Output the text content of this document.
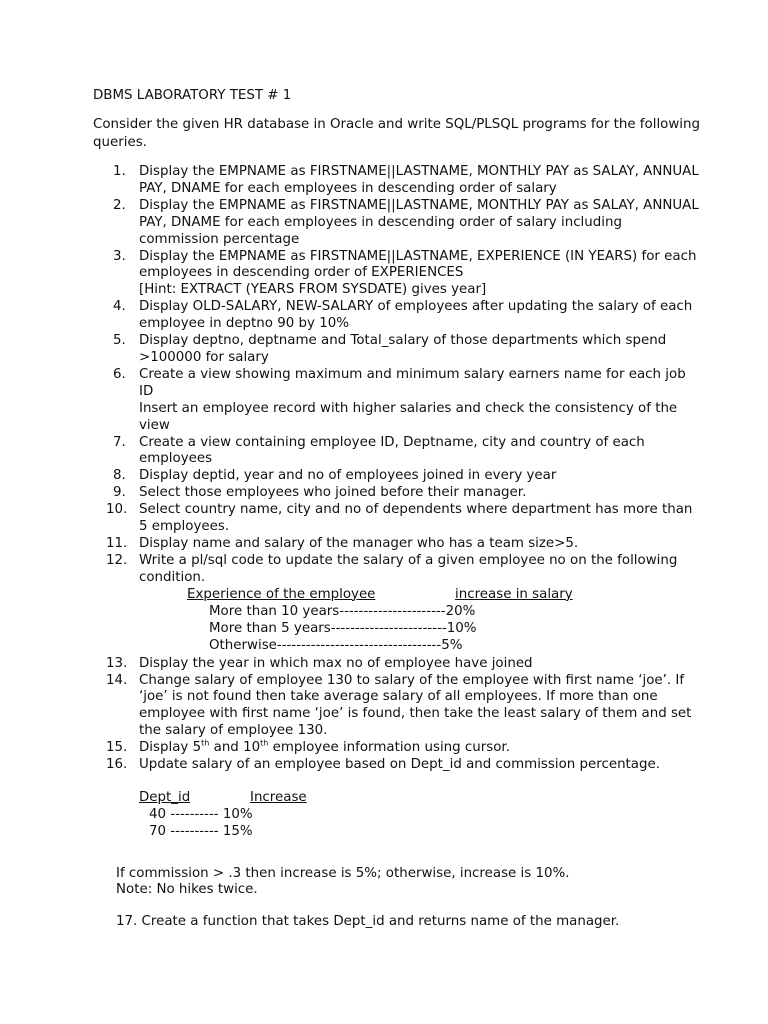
DBMS LABORATORY TEST # 1
Consider the given HR database in Oracle and write SQL/PLSQL programs for the following queries.
1. Display the EMPNAME as FIRSTNAME||LASTNAME, MONTHLY PAY as SALAY, ANNUAL PAY, DNAME for each employees in descending order of salary
2. Display the EMPNAME as FIRSTNAME||LASTNAME, MONTHLY PAY as SALAY, ANNUAL PAY, DNAME for each employees in descending order of salary including commission percentage
3. Display the EMPNAME as FIRSTNAME||LASTNAME, EXPERIENCE (IN YEARS) for each employees in descending order of EXPERIENCES
[Hint: EXTRACT (YEARS FROM SYSDATE) gives year]
4. Display OLD-SALARY, NEW-SALARY of employees after updating the salary of each employee in deptno 90 by 10%
5. Display deptno, deptname and Total_salary of those departments which spend >100000 for salary
6. Create a view showing maximum and minimum salary earners name for each job ID
Insert an employee record with higher salaries and check the consistency of the view
7. Create a view containing employee ID, Deptname, city and country of each employees
8. Display deptid, year and no of employees joined in every year
9. Select those employees who joined before their manager.
10. Select country name, city and no of dependents where department has more than 5 employees.
11. Display name and salary of the manager who has a team size>5.
12. Write a pl/sql code to update the salary of a given employee no on the following condition.
Experience of the employee	increase in salary
More than 10 years----------------------20%
More than 5 years------------------------10%
Otherwise----------------------------------5%
13. Display the year in which max no of employee have joined
14. Change salary of employee 130 to salary of the employee with first name ‘joe’. If ‘joe’ is not found then take average salary of all employees. If more than one employee with first name ‘joe’ is found, then take the least salary of them and set the salary of employee 130.
15. Display 5th and 10th employee information using cursor.
16. Update salary of an employee based on Dept_id and commission percentage.
Dept_id	Increase
40 ---------- 10%
70 ---------- 15%
If commission > .3 then increase is 5%; otherwise, increase is 10%.
Note: No hikes twice.
17. Create a function that takes Dept_id and returns name of the manager.
